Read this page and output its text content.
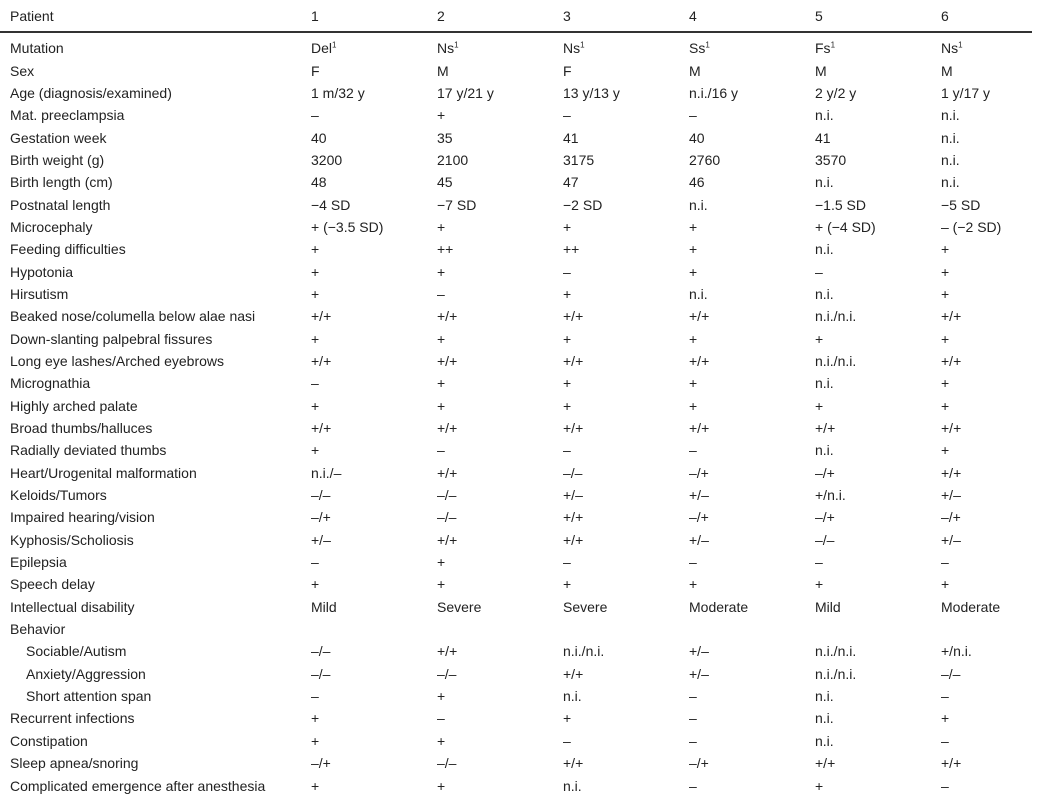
Patient	1	2	3	4	5	6
Mutation	Del$^1$	Ns$^1$	Ns$^1$	Ss$^1$	Fs$^1$	Ns$^1$
Sex	F	M	F	M	M	M
Age (diagnosis/examined)	1 m/32 y	17 y/21 y	13 y/13 y	n.i./16 y	2 y/2 y	1 y/17 y
Mat. preeclampsia	–	+	–	–	n.i.	n.i.
Gestation week	40	35	41	40	41	n.i.
Birth weight (g)	3200	2100	3175	2760	3570	n.i.
Birth length (cm)	48	45	47	46	n.i.	n.i.
Postnatal length	−4 SD	−7 SD	−2 SD	n.i.	−1.5 SD	−5 SD
Microcephaly	+ (−3.5 SD)	+	+	+	+ (−4 SD)	– (−2 SD)
Feeding difficulties	+	++	++	+	n.i.	+
Hypotonia	+	+	–	+	–	+
Hirsutism	+	–	+	n.i.	n.i.	+
Beaked nose/columella below alae nasi	+/+	+/+	+/+	+/+	n.i./n.i.	+/+
Down-slanting palpebral fissures	+	+	+	+	+	+
Long eye lashes/Arched eyebrows	+/+	+/+	+/+	+/+	n.i./n.i.	+/+
Micrognathia	–	+	+	+	n.i.	+
Highly arched palate	+	+	+	+	+	+
Broad thumbs/halluces	+/+	+/+	+/+	+/+	+/+	+/+
Radially deviated thumbs	+	–	–	–	n.i.	+
Heart/Urogenital malformation	n.i./–	+/+	–/–	–/+	–/+	+/+
Keloids/Tumors	–/–	–/–	+/–	+/–	+/n.i.	+/–
Impaired hearing/vision	–/+	–/–	+/+	–/+	–/+	–/+
Kyphosis/Scholiosis	+/–	+/+	+/+	+/–	–/–	+/–
Epilepsia	–	+	–	–	–	–
Speech delay	+	+	+	+	+	+
Intellectual disability	Mild	Severe	Severe	Moderate	Mild	Moderate
Behavior						
Sociable/Autism	–/–	+/+	n.i./n.i.	+/–	n.i./n.i.	+/n.i.
Anxiety/Aggression	–/–	–/–	+/+	+/–	n.i./n.i.	–/–
Short attention span	–	+	n.i.	–	n.i.	–
Recurrent infections	+	–	+	–	n.i.	+
Constipation	+	+	–	–	n.i.	–
Sleep apnea/snoring	–/+	–/–	+/+	–/+	+/+	+/+
Complicated emergence after anesthesia	+	+	n.i.	–	+	–
